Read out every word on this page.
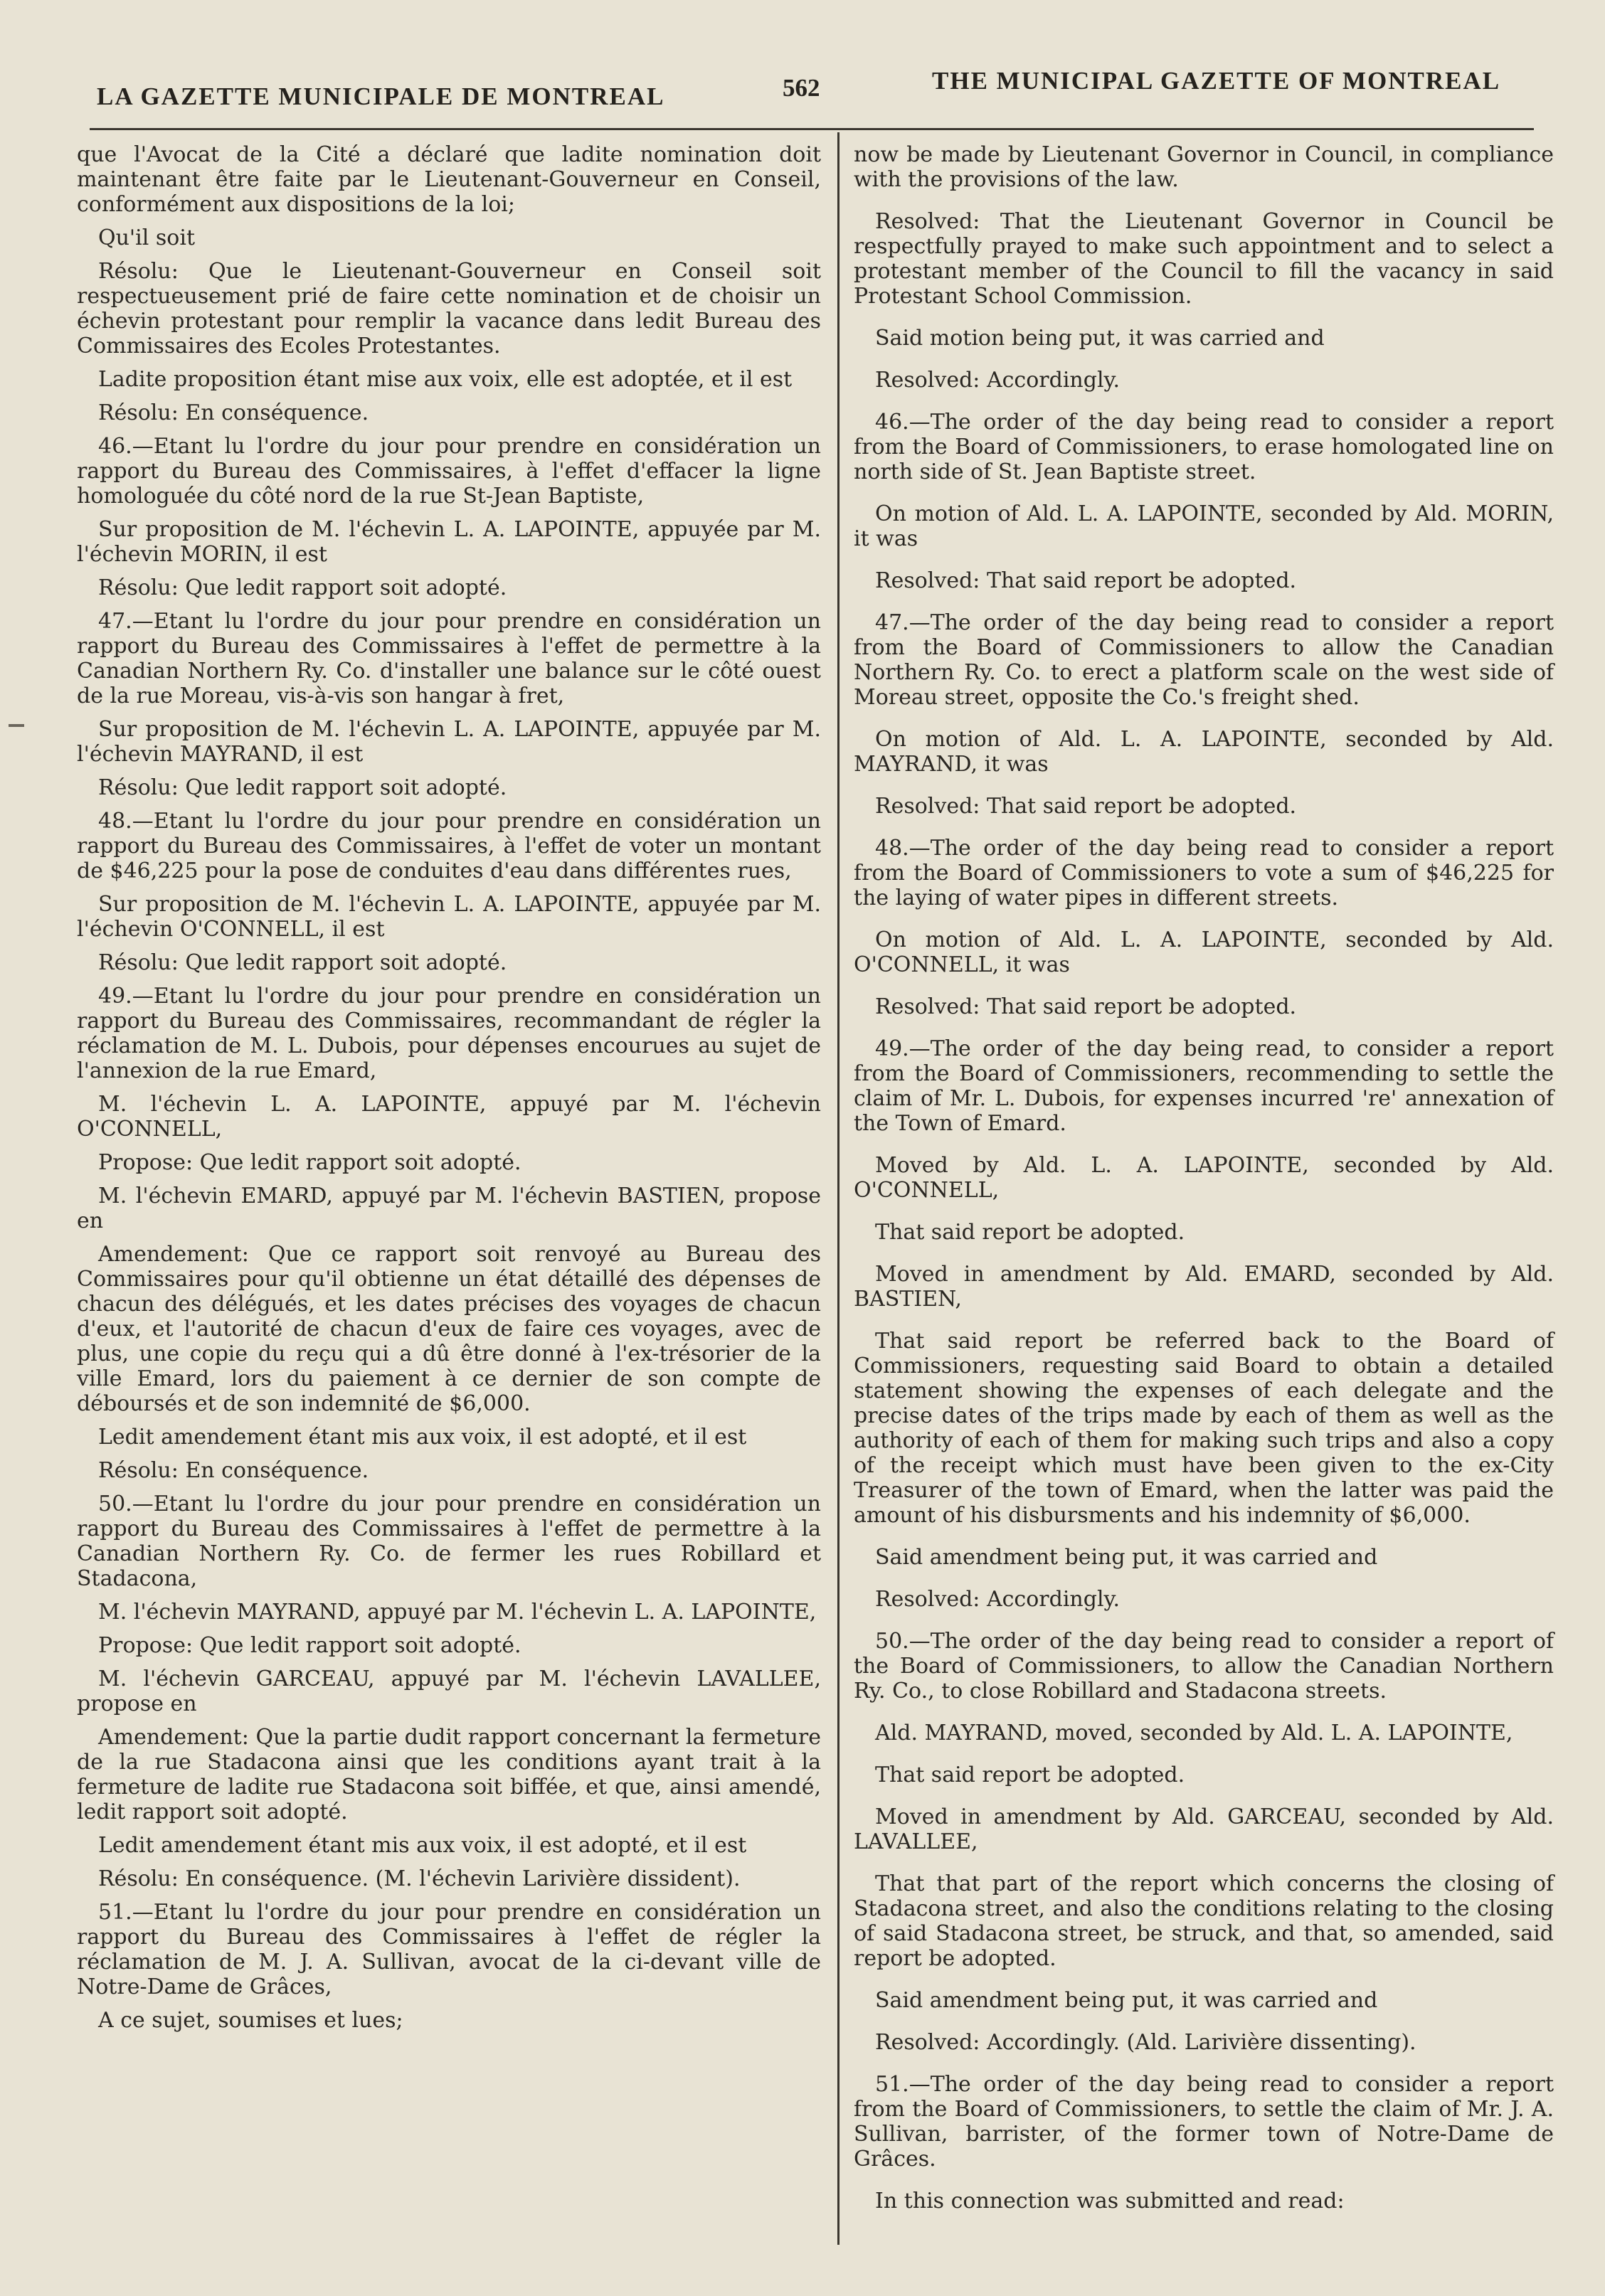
LA GAZETTE MUNICIPALE DE MONTREAL	562	THE MUNICIPAL GAZETTE OF MONTREAL

que l'Avocat de la Cité a déclaré que ladite nomination doit maintenant être faite par le Lieutenant-Gouverneur en Conseil, conformément aux dispositions de la loi;

Qu'il soit

Résolu: Que le Lieutenant-Gouverneur en Conseil soit respectueusement prié de faire cette nomination et de choisir un échevin protestant pour remplir la vacance dans ledit Bureau des Commissaires des Ecoles Protestantes.

Ladite proposition étant mise aux voix, elle est adoptée, et il est

Résolu: En conséquence.

46.—Etant lu l'ordre du jour pour prendre en considération un rapport du Bureau des Commissaires, à l'effet d'effacer la ligne homologuée du côté nord de la rue St-Jean Baptiste,

Sur proposition de M. l'échevin L. A. LAPOINTE, appuyée par M. l'échevin MORIN, il est

Résolu: Que ledit rapport soit adopté.

47.—Etant lu l'ordre du jour pour prendre en considération un rapport du Bureau des Commissaires à l'effet de permettre à la Canadian Northern Ry. Co. d'installer une balance sur le côté ouest de la rue Moreau, vis-à-vis son hangar à fret,

Sur proposition de M. l'échevin L. A. LAPOINTE, appuyée par M. l'échevin MAYRAND, il est

Résolu: Que ledit rapport soit adopté.

48.—Etant lu l'ordre du jour pour prendre en considération un rapport du Bureau des Commissaires, à l'effet de voter un montant de $46,225 pour la pose de conduites d'eau dans différentes rues,

Sur proposition de M. l'échevin L. A. LAPOINTE, appuyée par M. l'échevin O'CONNELL, il est

Résolu: Que ledit rapport soit adopté.

49.—Etant lu l'ordre du jour pour prendre en considération un rapport du Bureau des Commissaires, recommandant de régler la réclamation de M. L. Dubois, pour dépenses encourues au sujet de l'annexion de la rue Emard,

M. l'échevin L. A. LAPOINTE, appuyé par M. l'échevin O'CONNELL,

Propose: Que ledit rapport soit adopté.

M. l'échevin EMARD, appuyé par M. l'échevin BASTIEN, propose en

Amendement: Que ce rapport soit renvoyé au Bureau des Commissaires pour qu'il obtienne un état détaillé des dépenses de chacun des délégués, et les dates précises des voyages de chacun d'eux, et l'autorité de chacun d'eux de faire ces voyages, avec de plus, une copie du reçu qui a dû être donné à l'ex-trésorier de la ville Emard, lors du paiement à ce dernier de son compte de déboursés et de son indemnité de $6,000.

Ledit amendement étant mis aux voix, il est adopté, et il est

Résolu: En conséquence.

50.—Etant lu l'ordre du jour pour prendre en considération un rapport du Bureau des Commissaires à l'effet de permettre à la Canadian Northern Ry. Co. de fermer les rues Robillard et Stadacona,

M. l'échevin MAYRAND, appuyé par M. l'échevin L. A. LAPOINTE,

Propose: Que ledit rapport soit adopté.

M. l'échevin GARCEAU, appuyé par M. l'échevin LAVALLEE, propose en

Amendement: Que la partie dudit rapport concernant la fermeture de la rue Stadacona ainsi que les conditions ayant trait à la fermeture de ladite rue Stadacona soit biffée, et que, ainsi amendé, ledit rapport soit adopté.

Ledit amendement étant mis aux voix, il est adopté, et il est

Résolu: En conséquence. (M. l'échevin Larivière dissident).

51.—Etant lu l'ordre du jour pour prendre en considération un rapport du Bureau des Commissaires à l'effet de régler la réclamation de M. J. A. Sullivan, avocat de la ci-devant ville de Notre-Dame de Grâces,

A ce sujet, soumises et lues;

now be made by Lieutenant Governor in Council, in compliance with the provisions of the law.

Resolved: That the Lieutenant Governor in Council be respectfully prayed to make such appointment and to select a protestant member of the Council to fill the vacancy in said Protestant School Commission.

Said motion being put, it was carried and

Resolved: Accordingly.

46.—The order of the day being read to consider a report from the Board of Commissioners, to erase homologated line on north side of St. Jean Baptiste street.

On motion of Ald. L. A. LAPOINTE, seconded by Ald. MORIN, it was

Resolved: That said report be adopted.

47.—The order of the day being read to consider a report from the Board of Commissioners to allow the Canadian Northern Ry. Co. to erect a platform scale on the west side of Moreau street, opposite the Co.'s freight shed.

On motion of Ald. L. A. LAPOINTE, seconded by Ald. MAYRAND, it was

Resolved: That said report be adopted.

48.—The order of the day being read to consider a report from the Board of Commissioners to vote a sum of $46,225 for the laying of water pipes in different streets.

On motion of Ald. L. A. LAPOINTE, seconded by Ald. O'CONNELL, it was

Resolved: That said report be adopted.

49.—The order of the day being read, to consider a report from the Board of Commissioners, recommending to settle the claim of Mr. L. Dubois, for expenses incurred 're' annexation of the Town of Emard.

Moved by Ald. L. A. LAPOINTE, seconded by Ald. O'CONNELL,

That said report be adopted.

Moved in amendment by Ald. EMARD, seconded by Ald. BASTIEN,

That said report be referred back to the Board of Commissioners, requesting said Board to obtain a detailed statement showing the expenses of each delegate and the precise dates of the trips made by each of them as well as the authority of each of them for making such trips and also a copy of the receipt which must have been given to the ex-City Treasurer of the town of Emard, when the latter was paid the amount of his disbursments and his indemnity of $6,000.

Said amendment being put, it was carried and

Resolved: Accordingly.

50.—The order of the day being read to consider a report of the Board of Commissioners, to allow the Canadian Northern Ry. Co., to close Robillard and Stadacona streets.

Ald. MAYRAND, moved, seconded by Ald. L. A. LAPOINTE,

That said report be adopted.

Moved in amendment by Ald. GARCEAU, seconded by Ald. LAVALLEE,

That that part of the report which concerns the closing of Stadacona street, and also the conditions relating to the closing of said Stadacona street, be struck, and that, so amended, said report be adopted.

Said amendment being put, it was carried and

Resolved: Accordingly. (Ald. Larivière dissenting).

51.—The order of the day being read to consider a report from the Board of Commissioners, to settle the claim of Mr. J. A. Sullivan, barrister, of the former town of Notre-Dame de Grâces.

In this connection was submitted and read:
